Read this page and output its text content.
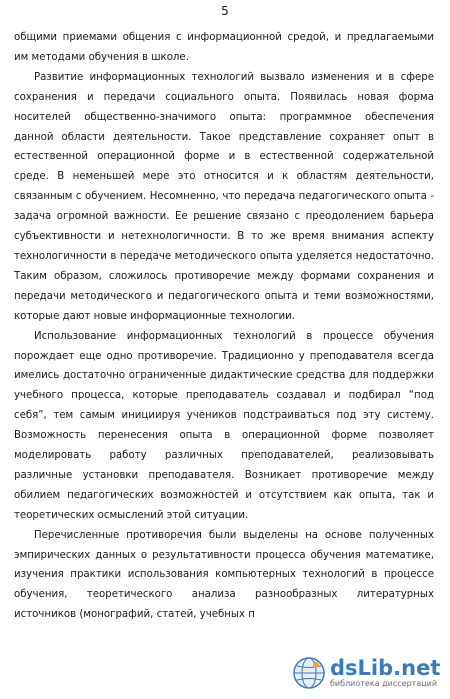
5

общими приемами общения с информационной средой, и предлагаемыми им методами обучения в школе.

Развитие информационных технологий вызвало изменения и в сфере сохранения и передачи социального опыта. Появилась новая форма носителей общественно-значимого опыта: программное обеспечения данной области деятельности. Такое представление сохраняет опыт в естественной операционной форме и в естественной содержательной среде. В неменьшей мере это относится и к областям деятельности, связанным с обучением. Несомненно, что передача педагогического опыта - задача огромной важности. Ее решение связано с преодолением барьера субъективности и нетехнологичности. В то же время внимания аспекту технологичности в передаче методического опыта уделяется недостаточно. Таким образом, сложилось противоречие между формами сохранения и передачи методического и педагогического опыта и теми возможностями, которые дают новые информационные технологии.

Использование информационных технологий в процессе обучения порождает еще одно противоречие. Традиционно у преподавателя всегда имелись достаточно ограниченные дидактические средства для поддержки учебного процесса, которые преподаватель создавал и подбирал “под себя”, тем самым инициируя учеников подстраиваться под эту систему. Возможность перенесения опыта в операционной форме позволяет моделировать работу различных преподавателей, реализовывать различные установки преподавателя. Возникает противоречие между обилием педагогических возможностей и отсутствием как опыта, так и теоретических осмыслений этой ситуации.

Перечисленные противоречия были выделены на основе полученных эмпирических данных о результативности процесса обучения математике, изучения практики использования компьютерных технологий в процессе обучения, теоретического анализа разнообразных литературных источников (монографий, статей, учебных п

dsLib.net
библиотека диссертаций
